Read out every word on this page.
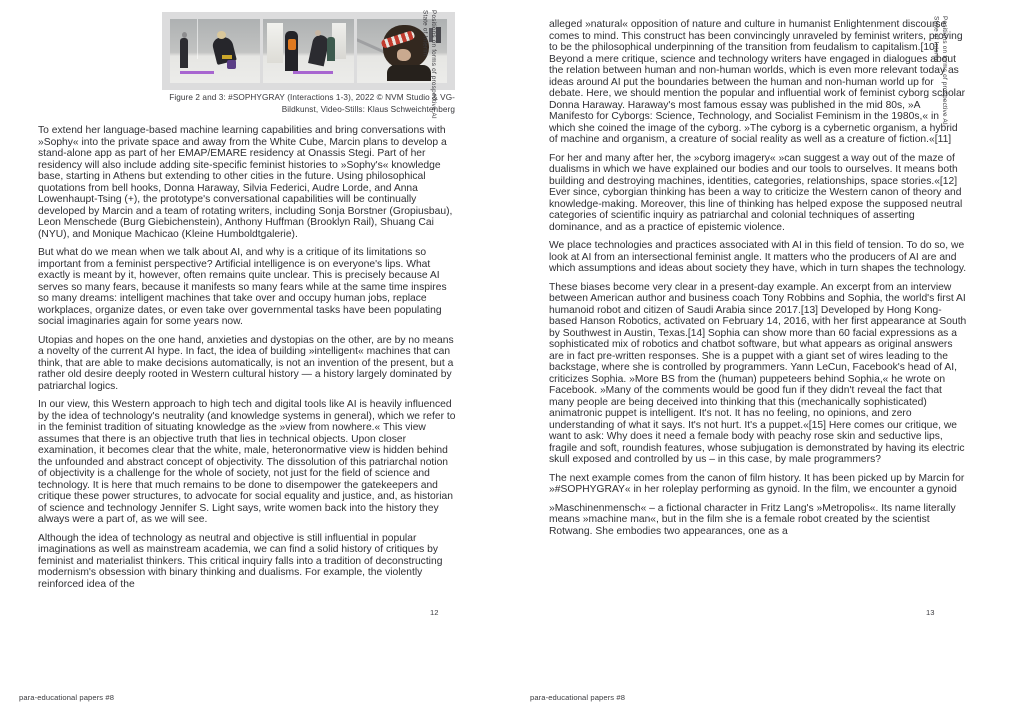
Figure 2 and 3: #SOPHYGRAY (Interactions 1-3), 2022 © NVM Studio & VG-
Bildkunst, Video-Stills: Klaus Schweichtenberg
State of Interim Positions on forms of prospective AI

To extend her language-based machine learning capabilities and bring conversations with »Sophy« into the private space and away from the White Cube, Marcin plans to develop a stand-alone app as part of her EMAP/EMARE residency at Onassis Stegi. Part of her residency will also include adding site-specific feminist histories to »Sophy's« knowledge base, starting in Athens but extending to other cities in the future. Using philosophical quotations from bell hooks, Donna Haraway, Silvia Federici, Audre Lorde, and Anna Lowenhaupt-Tsing (+), the prototype's conversational capabilities will be continually developed by Marcin and a team of rotating writers, including Sonja Borstner (Gropiusbau), Leon Menschede (Burg Giebichenstein), Anthony Huffman (Brooklyn Rail), Shuang Cai (NYU), and Monique Machicao (Kleine Humboldtgalerie).

But what do we mean when we talk about AI, and why is a critique of its limitations so important from a feminist perspective? Artificial intelligence is on everyone's lips. What exactly is meant by it, however, often remains quite unclear. This is precisely because AI serves so many fears, because it manifests so many fears while at the same time inspires so many dreams: intelligent machines that take over and occupy human jobs, replace workplaces, organize dates, or even take over governmental tasks have been populating social imaginaries again for some years now.

Utopias and hopes on the one hand, anxieties and dystopias on the other, are by no means a novelty of the current AI hype. In fact, the idea of building »intelligent« machines that can think, that are able to make decisions automatically, is not an invention of the present, but a rather old desire deeply rooted in Western cultural history — a history largely dominated by patriarchal logics.

In our view, this Western approach to high tech and digital tools like AI is heavily influenced by the idea of technology's neutrality (and knowledge systems in general), which we refer to in the feminist tradition of situating knowledge as the »view from nowhere.« This view assumes that there is an objective truth that lies in technical objects. Upon closer examination, it becomes clear that the white, male, heteronormative view is hidden behind the unfounded and abstract concept of objectivity. The dissolution of this patriarchal notion of objectivity is a challenge for the whole of society, not just for the field of science and technology. It is here that much remains to be done to disempower the gatekeepers and critique these power structures, to advocate for social equality and justice, and, as historian of science and technology Jennifer S. Light says, write women back into the history they always were a part of, as we will see.

Although the idea of technology as neutral and objective is still influential in popular imaginations as well as mainstream academia, we can find a solid history of critiques by feminist and materialist thinkers. This critical inquiry falls into a tradition of deconstructing modernism's obsession with binary thinking and dualisms. For example, the violently reinforced idea of the

12
para-educational papers #8
State of Interim Positions on forms of prospective AI

alleged »natural« opposition of nature and culture in humanist Enlightenment discourse comes to mind. This construct has been convincingly unraveled by feminist writers, proving to be the philosophical underpinning of the transition from feudalism to capitalism.[10] Beyond a mere critique, science and technology writers have engaged in dialogues about the relation between human and non-human worlds, which is even more relevant today as ideas around AI put the boundaries between the human and non-human world up for debate. Here, we should mention the popular and influential work of feminist cyborg scholar Donna Haraway. Haraway's most famous essay was published in the mid 80s, »A Manifesto for Cyborgs: Science, Technology, and Socialist Feminism in the 1980s,« in which she coined the image of the cyborg. »The cyborg is a cybernetic organism, a hybrid of machine and organism, a creature of social reality as well as a creature of fiction.«[11]

For her and many after her, the »cyborg imagery« »can suggest a way out of the maze of dualisms in which we have explained our bodies and our tools to ourselves. It means both building and destroying machines, identities, categories, relationships, space stories.«[12] Ever since, cyborgian thinking has been a way to criticize the Western canon of theory and knowledge-making. Moreover, this line of thinking has helped expose the supposed neutral categories of scientific inquiry as patriarchal and colonial techniques of asserting dominance, and as a practice of epistemic violence.

We place technologies and practices associated with AI in this field of tension. To do so, we look at AI from an intersectional feminist angle. It matters who the producers of AI are and which assumptions and ideas about society they have, which in turn shapes the technology.

These biases become very clear in a present-day example. An excerpt from an interview between American author and business coach Tony Robbins and Sophia, the world's first AI humanoid robot and citizen of Saudi Arabia since 2017.[13] Developed by Hong Kong-based Hanson Robotics, activated on February 14, 2016, with her first appearance at South by Southwest in Austin, Texas.[14] Sophia can show more than 60 facial expressions as a sophisticated mix of robotics and chatbot software, but what appears as original answers are in fact pre-written responses. She is a puppet with a giant set of wires leading to the backstage, where she is controlled by programmers. Yann LeCun, Facebook's head of AI, criticizes Sophia. »More BS from the (human) puppeteers behind Sophia,« he wrote on Facebook. »Many of the comments would be good fun if they didn't reveal the fact that many people are being deceived into thinking that this (mechanically sophisticated) animatronic puppet is intelligent. It's not. It has no feeling, no opinions, and zero understanding of what it says. It's not hurt. It's a puppet.«[15] Here comes our critique, we want to ask: Why does it need a female body with peachy rose skin and seductive lips, fragile and soft, roundish features, whose subjugation is demonstrated by having its electric skull exposed and controlled by us – in this case, by male programmers?

The next example comes from the canon of film history. It has been picked up by Marcin for »#SOPHYGRAY« in her roleplay performing as gynoid. In the film, we encounter a gynoid

»Maschinenmensch« – a fictional character in Fritz Lang's »Metropolis«. Its name literally means »machine man«, but in the film she is a female robot created by the scientist Rotwang. She embodies two appearances, one as a

13
para-educational papers #8
